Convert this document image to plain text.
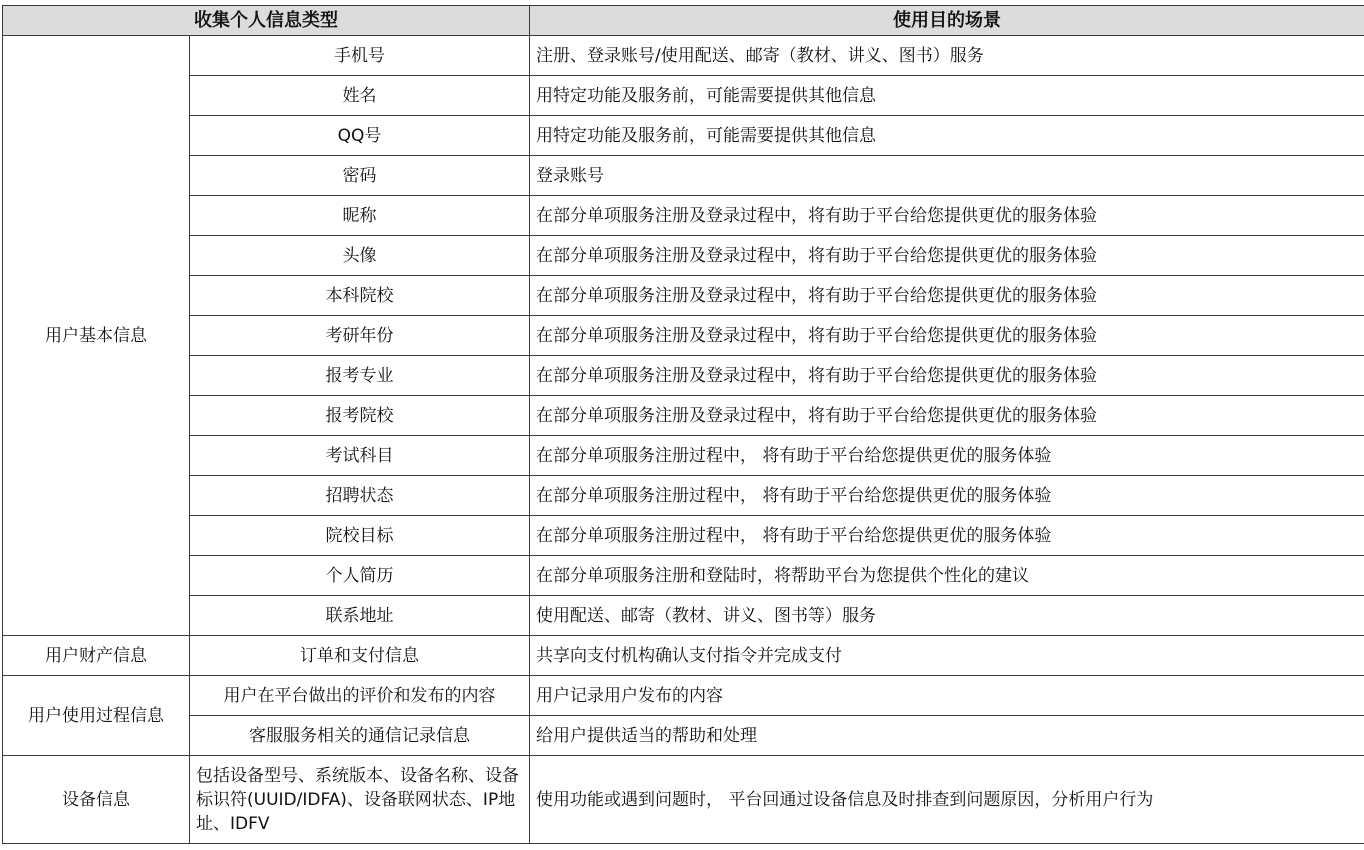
收集个人信息类型		使用目的场景
用户基本信息	手机号	注册、登录账号/使用配送、邮寄（教材、讲义、图书）服务
	姓名	用特定功能及服务前，可能需要提供其他信息
	QQ号	用特定功能及服务前，可能需要提供其他信息
	密码	登录账号
	昵称	在部分单项服务注册及登录过程中，将有助于平台给您提供更优的服务体验
	头像	在部分单项服务注册及登录过程中，将有助于平台给您提供更优的服务体验
	本科院校	在部分单项服务注册及登录过程中，将有助于平台给您提供更优的服务体验
	考研年份	在部分单项服务注册及登录过程中，将有助于平台给您提供更优的服务体验
	报考专业	在部分单项服务注册及登录过程中，将有助于平台给您提供更优的服务体验
	报考院校	在部分单项服务注册及登录过程中，将有助于平台给您提供更优的服务体验
	考试科目	在部分单项服务注册过程中， 将有助于平台给您提供更优的服务体验
	招聘状态	在部分单项服务注册过程中， 将有助于平台给您提供更优的服务体验
	院校目标	在部分单项服务注册过程中， 将有助于平台给您提供更优的服务体验
	个人简历	在部分单项服务注册和登陆时，将帮助平台为您提供个性化的建议
	联系地址	使用配送、邮寄（教材、讲义、图书等）服务
用户财产信息	订单和支付信息	共享向支付机构确认支付指令并完成支付
用户使用过程信息	用户在平台做出的评价和发布的内容	用户记录用户发布的内容
	客服服务相关的通信记录信息	给用户提供适当的帮助和处理
设备信息	包括设备型号、系统版本、设备名称、设备标识符(UUID/IDFA)、设备联网状态、IP地址、IDFV	使用功能或遇到问题时， 平台回通过设备信息及时排查到问题原因，分析用户行为
